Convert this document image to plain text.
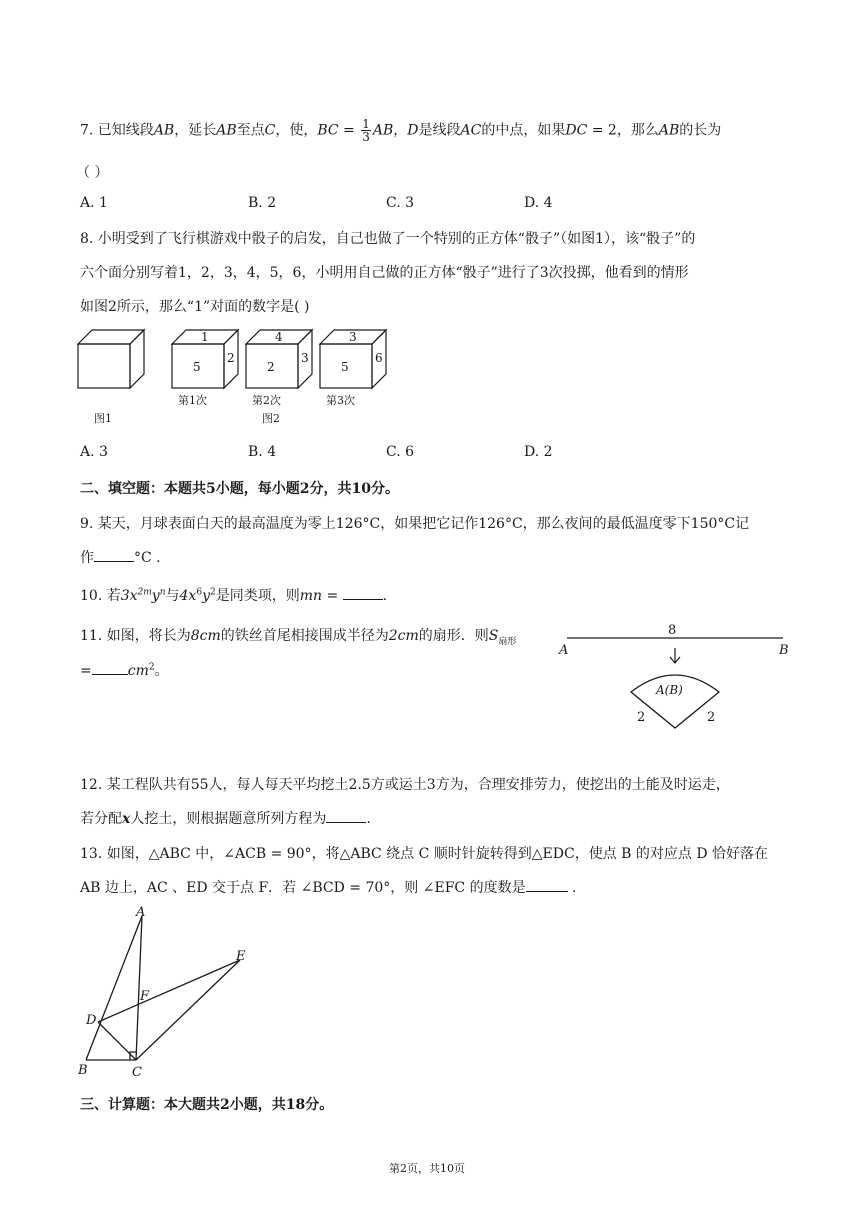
7. 已知线段AB，延长AB至点C，使，BC = $\frac{1}{3}$ AB，D是线段AC的中点，如果DC = 2，那么AB的长为
（ ）
A. 1	B. 2	C. 3	D. 4
8. 小明受到了飞行棋游戏中骰子的启发，自己也做了一个特别的正方体“骰子”（如图1），该“骰子”的
六个面分别写着1，2，3，4，5，6，小明用自己做的正方体“骰子”进行了3次投掷，他看到的情形
如图2所示，那么“1”对面的数字是( )
1
5
2
4
2
3
3
5
6
第1次	第2次	第3次
图1	图2
A. 3	B. 4	C. 6	D. 2
二、填空题：本题共5小题，每小题2分，共10分。
9. 某天，月球表面白天的最高温度为零上126°C，如果把它记作126°C，那么夜间的最低温度零下150°C记
作	°C .
10. 若$3x^{2m}y^n$与$4x^6y^2$是同类项，则mn =	.
11. 如图，将长为8cm的铁丝首尾相接围成半径为2cm的扇形．则$S_{扇形}$
=	$cm^2$。
8
A	B
A(B)
2	2
12. 某工程队共有55人，每人每天平均挖土2.5方或运土3方为，合理安排劳力，使挖出的土能及时运走，
若分配x人挖土，则根据题意所列方程为	.
13. 如图，△ABC 中，∠ACB = 90°，将△ABC 绕点 C 顺时针旋转得到△EDC，使点 B 的对应点 D 恰好落在
AB 边上，AC 、ED 交于点 F．若 ∠BCD = 70°，则 ∠EFC 的度数是	.
A
B	C
D
E
F
三、计算题：本大题共2小题，共18分。
第2页，共10页
